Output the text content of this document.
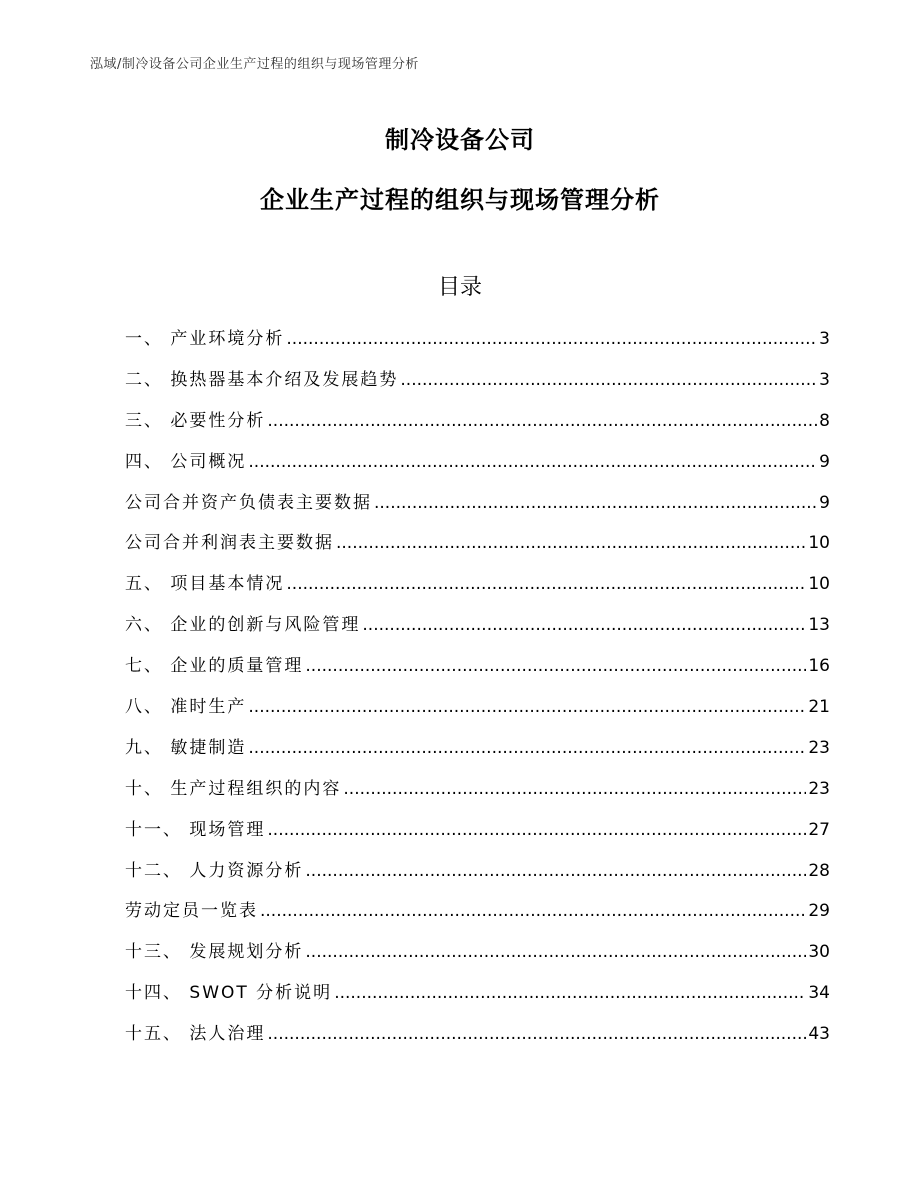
泓域/制冷设备公司企业生产过程的组织与现场管理分析
制冷设备公司
企业生产过程的组织与现场管理分析
目录
一、 产业环境分析 .....	3
二、 换热器基本介绍及发展趋势 .....	3
三、 必要性分析 .....	8
四、 公司概况 .....	9
公司合并资产负债表主要数据 .....	9
公司合并利润表主要数据 .....	10
五、 项目基本情况 .....	10
六、 企业的创新与风险管理 .....	13
七、 企业的质量管理 .....	16
八、 准时生产 .....	21
九、 敏捷制造 .....	23
十、 生产过程组织的内容 .....	23
十一、 现场管理 .....	27
十二、 人力资源分析 .....	28
劳动定员一览表 .....	29
十三、 发展规划分析 .....	30
十四、 SWOT 分析说明 .....	34
十五、 法人治理 .....	43
